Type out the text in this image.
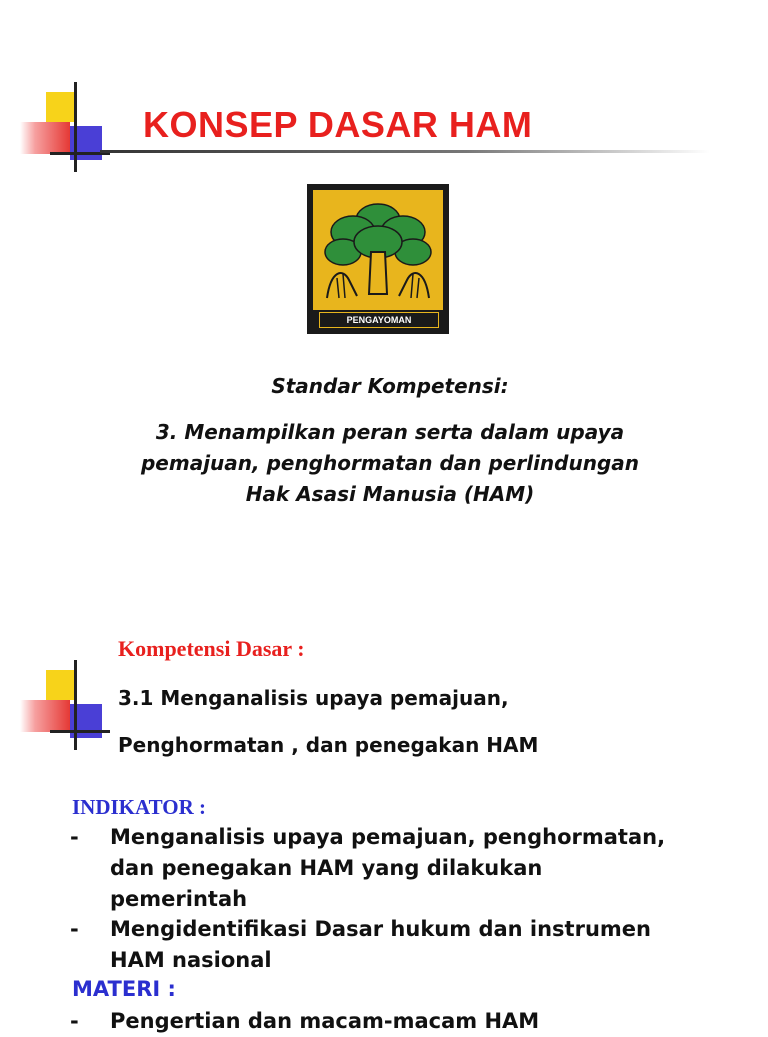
KONSEP DASAR HAM
PENGAYOMAN
Standar Kompetensi:
3. Menampilkan peran serta dalam upaya
pemajuan, penghormatan dan perlindungan
Hak Asasi Manusia (HAM)
Kompetensi Dasar :
3.1 Menganalisis upaya pemajuan,
Penghormatan , dan penegakan HAM
INDIKATOR :
- Menganalisis upaya pemajuan, penghormatan,
dan penegakan HAM yang dilakukan
pemerintah
- Mengidentifikasi Dasar hukum dan instrumen
HAM nasional
MATERI :
- Pengertian dan macam-macam HAM
